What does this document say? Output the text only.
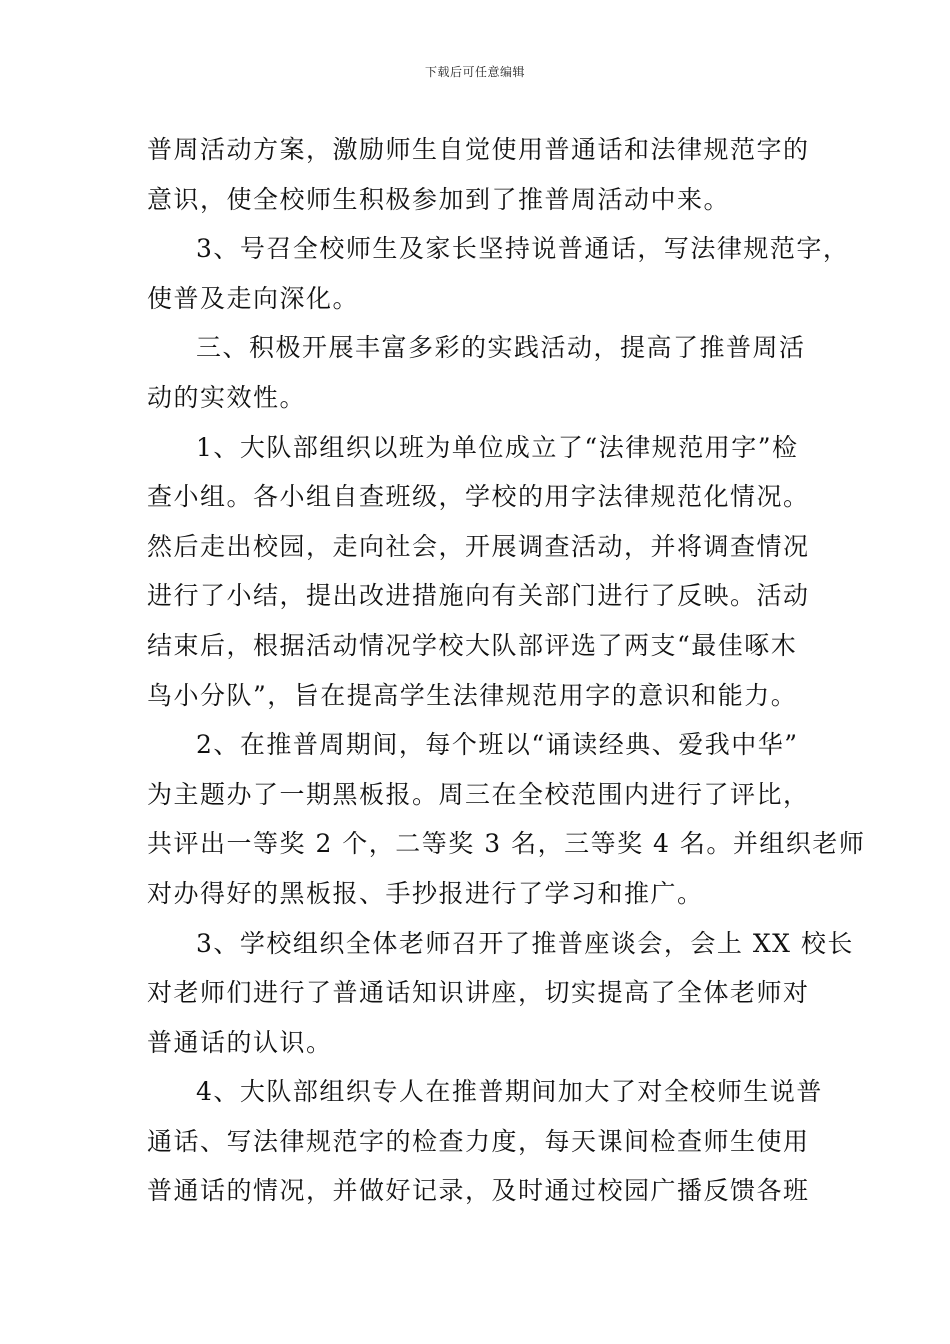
下载后可任意编辑
普周活动方案，激励师生自觉使用普通话和法律规范字的
意识，使全校师生积极参加到了推普周活动中来。
3、号召全校师生及家长坚持说普通话，写法律规范字，
使普及走向深化。
三、积极开展丰富多彩的实践活动，提高了推普周活
动的实效性。
1、大队部组织以班为单位成立了“法律规范用字”检
查小组。各小组自查班级，学校的用字法律规范化情况。
然后走出校园，走向社会，开展调查活动，并将调查情况
进行了小结，提出改进措施向有关部门进行了反映。活动
结束后，根据活动情况学校大队部评选了两支“最佳啄木
鸟小分队”，旨在提高学生法律规范用字的意识和能力。
2、在推普周期间，每个班以“诵读经典、爱我中华”
为主题办了一期黑板报。周三在全校范围内进行了评比，
共评出一等奖 2 个，二等奖 3 名，三等奖 4 名。并组织老师
对办得好的黑板报、手抄报进行了学习和推广。
3、学校组织全体老师召开了推普座谈会，会上 XX 校长
对老师们进行了普通话知识讲座，切实提高了全体老师对
普通话的认识。
4、大队部组织专人在推普期间加大了对全校师生说普
通话、写法律规范字的检查力度，每天课间检查师生使用
普通话的情况，并做好记录，及时通过校园广播反馈各班
